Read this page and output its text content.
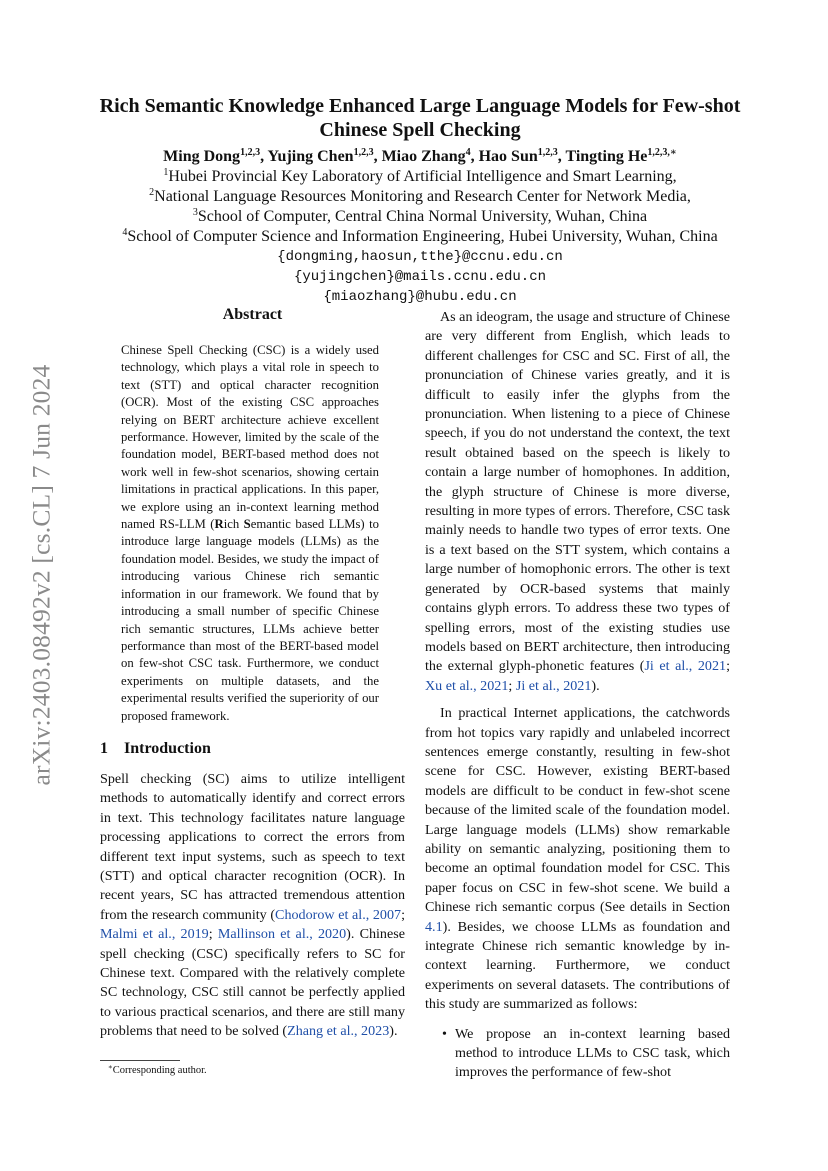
arXiv:2403.08492v2 [cs.CL] 7 Jun 2024
Rich Semantic Knowledge Enhanced Large Language Models for Few-shot
Chinese Spell Checking
Ming Dong$^{1,2,3}$, Yujing Chen$^{1,2,3}$, Miao Zhang$^4$, Hao Sun$^{1,2,3}$, Tingting $He^{1,2,3,∗}$
$^1$Hubei Provincial Key Laboratory of Artificial Intelligence and Smart Learning,
$^2$National Language Resources Monitoring and Research Center for Network Media,
$^3$School of Computer, Central China Normal University, Wuhan, China
$^4$School of Computer Science and Information Engineering, Hubei University, Wuhan, China
{dongming,haosun,tthe}@ccnu.edu.cn
{yujingchen}@mails.ccnu.edu.cn
{miaozhang}@hubu.edu.cn
Abstract
Chinese Spell Checking (CSC) is a widely used technology, which plays a vital role in speech to text (STT) and optical character recognition (OCR). Most of the existing CSC approaches relying on BERT architecture achieve excellent performance. However, limited by the scale of the foundation model, BERT-based method does not work well in few-shot scenarios, showing certain limitations in practical applications. In this paper, we explore using an in-context learning method named RS-LLM (Rich Semantic based LLMs) to introduce large language models (LLMs) as the foundation model. Besides, we study the impact of introducing various Chinese rich semantic information in our framework. We found that by introducing a small number of specific Chinese rich semantic structures, LLMs achieve better performance than most of the BERT-based model on few-shot CSC task. Furthermore, we conduct experiments on multiple datasets, and the experimental results verified the superiority of our proposed framework.
1 Introduction

Spell checking (SC) aims to utilize intelligent methods to automatically identify and correct errors in text. This technology facilitates nature language processing applications to correct the errors from different text input systems, such as speech to text (STT) and optical character recognition (OCR). In recent years, SC has attracted tremendous attention from the research community (Chodorow et al., 2007; Malmi et al., 2019; Mallinson et al., 2020). Chinese spell checking (CSC) specifically refers to SC for Chinese text. Compared with the relatively complete SC technology, CSC still cannot be perfectly applied to various practical scenarios, and there are still many problems that need to be solved (Zhang et al., 2023).

∗Corresponding author.

As an ideogram, the usage and structure of Chinese are very different from English, which leads to different challenges for CSC and SC. First of all, the pronunciation of Chinese varies greatly, and it is difficult to easily infer the glyphs from the pronunciation. When listening to a piece of Chinese speech, if you do not understand the context, the text result obtained based on the speech is likely to contain a large number of homophones. In addition, the glyph structure of Chinese is more diverse, resulting in more types of errors. Therefore, CSC task mainly needs to handle two types of error texts. One is a text based on the STT system, which contains a large number of homophonic errors. The other is text generated by OCR-based systems that mainly contains glyph errors. To address these two types of spelling errors, most of the existing studies use models based on BERT architecture, then introducing the external glyph-phonetic features (Ji et al., 2021; Xu et al., 2021; Ji et al., 2021).

In practical Internet applications, the catchwords from hot topics vary rapidly and unlabeled incorrect sentences emerge constantly, resulting in few-shot scene for CSC. However, existing BERT-based models are difficult to be conduct in few-shot scene because of the limited scale of the foundation model. Large language models (LLMs) show remarkable ability on semantic analyzing, positioning them to become an optimal foundation model for CSC. This paper focus on CSC in few-shot scene. We build a Chinese rich semantic corpus (See details in Section 4.1). Besides, we choose LLMs as foundation and integrate Chinese rich semantic knowledge by in-context learning. Furthermore, we conduct experiments on several datasets. The contributions of this study are summarized as follows:

• We propose an in-context learning based method to introduce LLMs to CSC task, which improves the performance of few-shot
